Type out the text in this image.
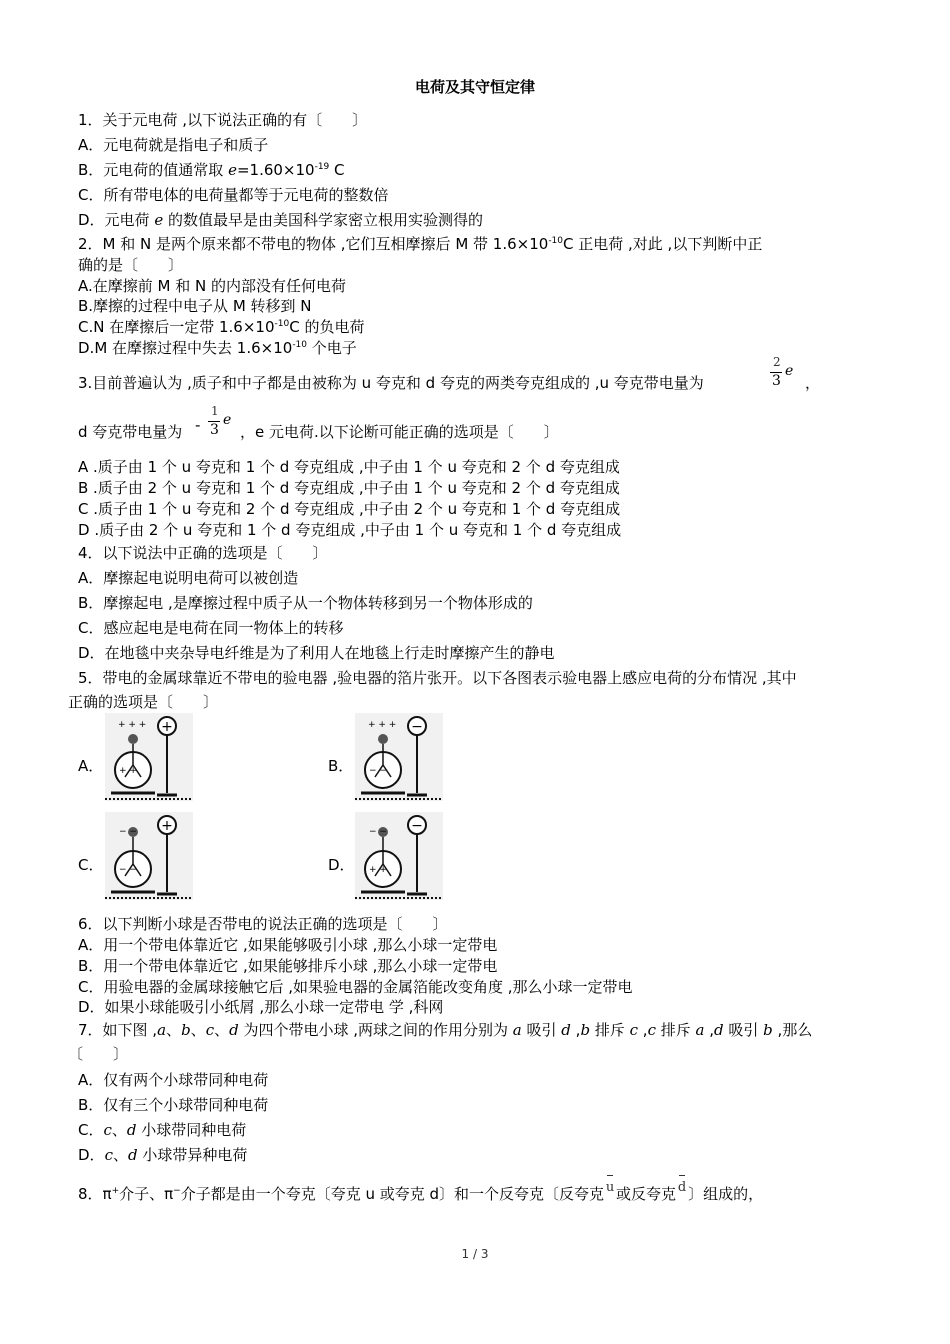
电荷及其守恒定律
1．关于元电荷 ,以下说法正确的有〔　　〕
A．元电荷就是指电子和质子
B．元电荷的值通常取 $e=1.60\times 10^{-19}$ C
C．所有带电体的电荷量都等于元电荷的整数倍
D．元电荷 e 的数值最早是由美国科学家密立根用实验测得的
2．M 和 N 是两个原来都不带电的物体 ,它们互相摩擦后 M 带 $1.6\times 10^{-10}C$ 正电荷 ,对此 ,以下判断中正
确的是〔　　〕
A.在摩擦前 M 和 N 的内部没有任何电荷
B.摩擦的过程中电子从 M 转移到 N
C.N 在摩擦后一定带 $1.6\times 10^{-10}C$ 的负电荷
D.M 在摩擦过程中失去 $1.6\times 10^{-10}$ 个电子
3.目前普遍认为 ,质子和中子都是由被称为 u 夸克和 d 夸克的两类夸克组成的 ,u 夸克带电量为
2
3
e
，
d 夸克带电量为 -
1
3
e
，e 元电荷.以下论断可能正确的选项是〔　　〕
A .质子由 1 个 u 夸克和 1 个 d 夸克组成 ,中子由 1 个 u 夸克和 2 个 d 夸克组成
B .质子由 2 个 u 夸克和 1 个 d 夸克组成 ,中子由 1 个 u 夸克和 2 个 d 夸克组成
C .质子由 1 个 u 夸克和 2 个 d 夸克组成 ,中子由 2 个 u 夸克和 1 个 d 夸克组成
D .质子由 2 个 u 夸克和 1 个 d 夸克组成 ,中子由 1 个 u 夸克和 1 个 d 夸克组成
4．以下说法中正确的选项是〔　　〕
A．摩擦起电说明电荷可以被创造
B．摩擦起电 ,是摩擦过程中质子从一个物体转移到另一个物体形成的
C．感应起电是电荷在同一物体上的转移
D．在地毯中夹杂导电纤维是为了利用人在地毯上行走时摩擦产生的静电
5．带电的金属球靠近不带电的验电器 ,验电器的箔片张开。以下各图表示验电器上感应电荷的分布情况 ,其中
正确的选项是〔　　〕
A．	B．
C．	D．
+
+ + +
+ +
−
+ + +
− −
+
− −
− −
−
− −
+ +
6．以下判断小球是否带电的说法正确的选项是〔　　〕
A．用一个带电体靠近它 ,如果能够吸引小球 ,那么小球一定带电
B．用一个带电体靠近它 ,如果能够排斥小球 ,那么小球一定带电
C．用验电器的金属球接触它后 ,如果验电器的金属箔能改变角度 ,那么小球一定带电
D．如果小球能吸引小纸屑 ,那么小球一定带电 学 ,科网
7．如下图 ,a、b、c、d 为四个带电小球 ,两球之间的作用分别为 a 吸引 d ,b 排斥 c ,c 排斥 a ,d 吸引 b ,那么
〔　　〕
A．仅有两个小球带同种电荷
B．仅有三个小球带同种电荷
C．c、d 小球带同种电荷
D．c、d 小球带异种电荷
8．π+介子、π−介子都是由一个夸克〔夸克 u 或夸克 d〕和一个反夸克〔反夸克 u 或反夸克 d 〕组成的，
1 / 3
